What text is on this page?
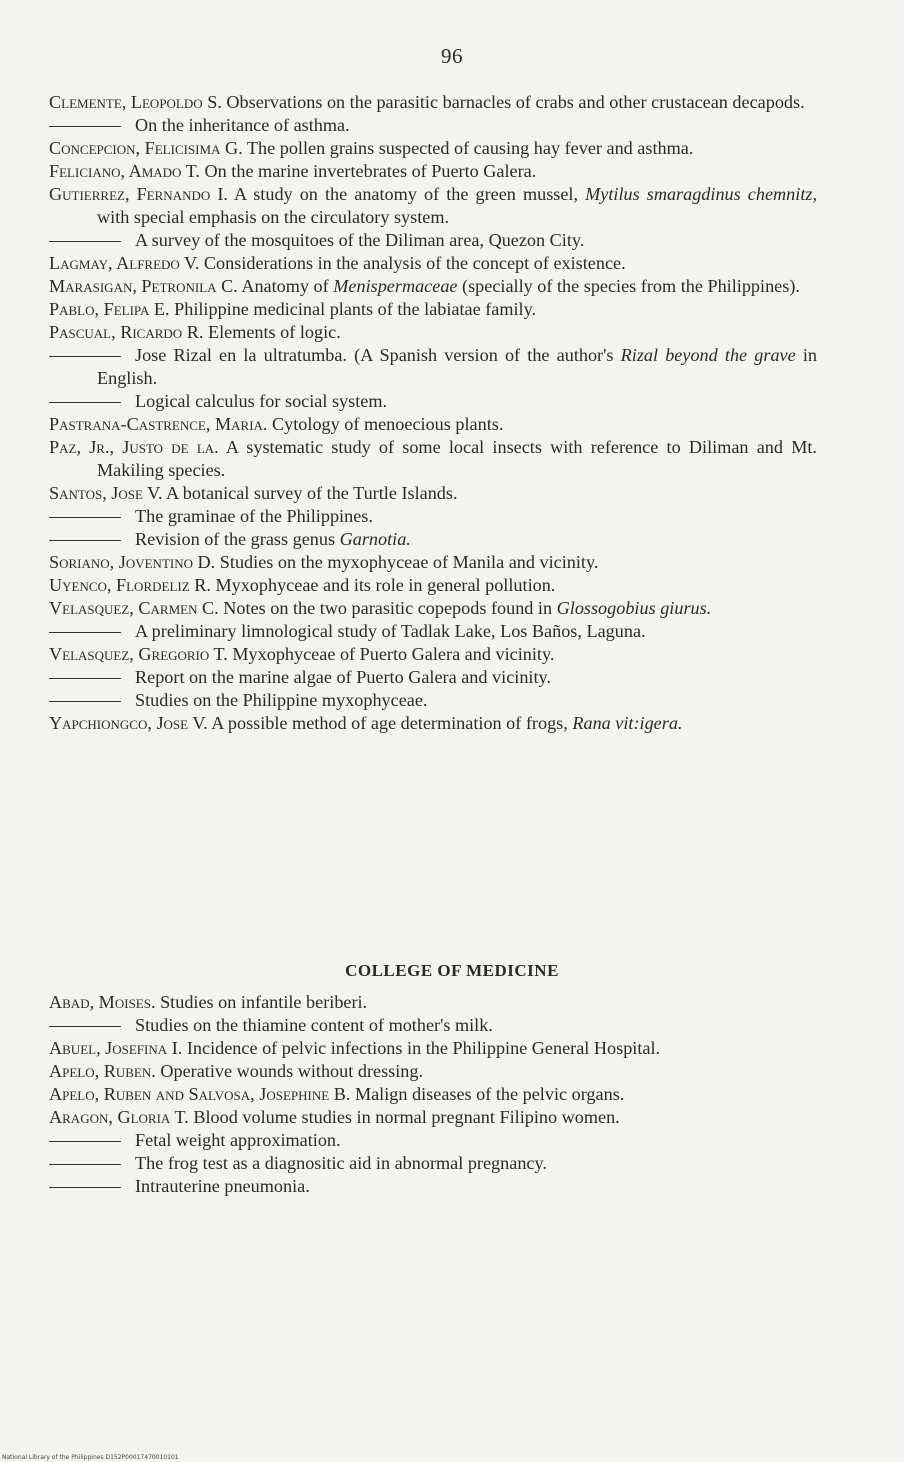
96

Clemente, Leopoldo S. Observations on the parasitic barnacles of crabs and other crustacean decapods.

On the inheritance of asthma.

Concepcion, Felicisima G. The pollen grains suspected of causing hay fever and asthma.

Feliciano, Amado T. On the marine invertebrates of Puerto Galera.

Gutierrez, Fernando I. A study on the anatomy of the green mussel, Mytilus smaragdinus chemnitz, with special emphasis on the circulatory system.

A survey of the mosquitoes of the Diliman area, Quezon City.

Lagmay, Alfredo V. Considerations in the analysis of the concept of existence.

Marasigan, Petronila C. Anatomy of Menispermaceae (specially of the species from the Philippines).

Pablo, Felipa E. Philippine medicinal plants of the labiatae family.

Pascual, Ricardo R. Elements of logic.

Jose Rizal en la ultratumba. (A Spanish version of the author's Rizal beyond the grave in English.

Logical calculus for social system.

Pastrana-Castrence, Maria. Cytology of menoecious plants.

Paz, Jr., Justo de la. A systematic study of some local insects with reference to Diliman and Mt. Makiling species.

Santos, Jose V. A botanical survey of the Turtle Islands.

The graminae of the Philippines.

Revision of the grass genus Garnotia.

Soriano, Joventino D. Studies on the myxophyceae of Manila and vicinity.

Uyenco, Flordeliz R. Myxophyceae and its role in general pollution.

Velasquez, Carmen C. Notes on the two parasitic copepods found in Glossogobius giurus.

A preliminary limnological study of Tadlak Lake, Los Baños, Laguna.

Velasquez, Gregorio T. Myxophyceae of Puerto Galera and vicinity.

Report on the marine algae of Puerto Galera and vicinity.

Studies on the Philippine myxophyceae.

Yapchiongco, Jose V. A possible method of age determination of frogs, Rana vit:igera.

COLLEGE OF MEDICINE

Abad, Moises. Studies on infantile beriberi.

Studies on the thiamine content of mother's milk.

Abuel, Josefina I. Incidence of pelvic infections in the Philippine General Hospital.

Apelo, Ruben. Operative wounds without dressing.

Apelo, Ruben and Salvosa, Josephine B. Malign diseases of the pelvic organs.

Aragon, Gloria T. Blood volume studies in normal pregnant Filipino women.

Fetal weight approximation.

The frog test as a diagnositic aid in abnormal pregnancy.

Intrauterine pneumonia.

National Library of the Philippines D152P00017470010101
